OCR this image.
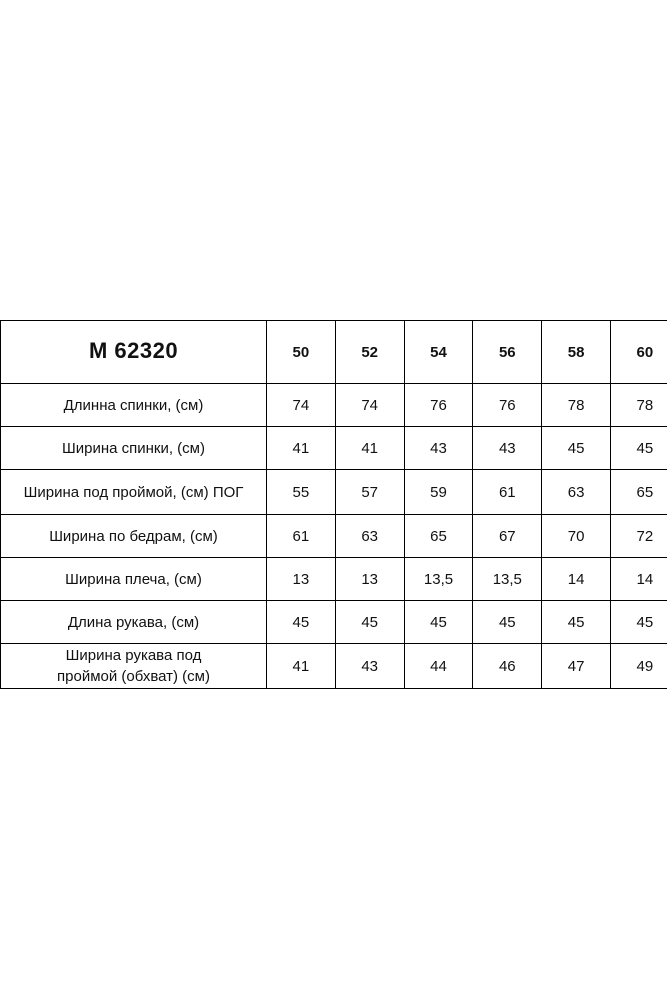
М 62320	50	52	54	56	58	60
Длинна спинки, (см)	74	74	76	76	78	78
Ширина спинки, (см)	41	41	43	43	45	45
Ширина под проймой, (см) ПОГ	55	57	59	61	63	65
Ширина по бедрам, (см)	61	63	65	67	70	72
Ширина плеча, (см)	13	13	13,5	13,5	14	14
Длина рукава, (см)	45	45	45	45	45	45
Ширина рукава под
проймой (обхват) (см)	41	43	44	46	47	49
